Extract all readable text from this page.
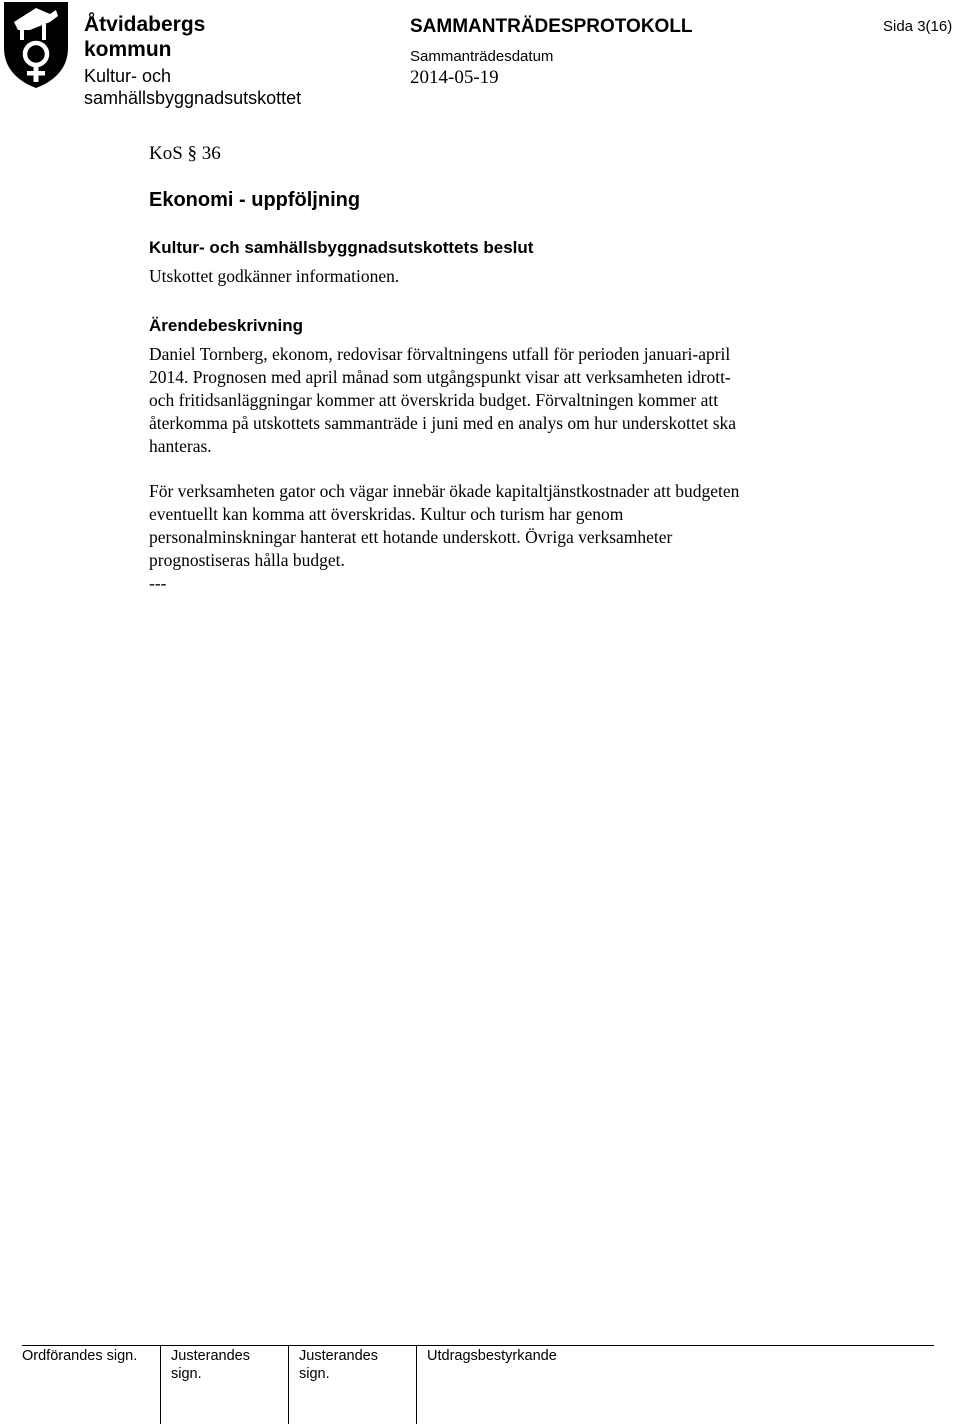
Åtvidabergs
kommun
Kultur- och
samhällsbyggnadsutskottet
SAMMANTRÄDESPROTOKOLL
Sammanträdesdatum
2014-05-19
Sida 3(16)
KoS § 36
Ekonomi - uppföljning
Kultur- och samhällsbyggnadsutskottets beslut
Utskottet godkänner informationen.
Ärendebeskrivning
Daniel Tornberg, ekonom, redovisar förvaltningens utfall för perioden januari-april
2014. Prognosen med april månad som utgångspunkt visar att verksamheten idrott-
och fritidsanläggningar kommer att överskrida budget. Förvaltningen kommer att
återkomma på utskottets sammanträde i juni med en analys om hur underskottet ska
hanteras.
För verksamheten gator och vägar innebär ökade kapitaltjänstkostnader att budgeten
eventuellt kan komma att överskridas. Kultur och turism har genom
personalminskningar hanterat ett hotande underskott. Övriga verksamheter
prognostiseras hålla budget.
---
Ordförandes sign. Justerandes
sign.
Justerandes
sign.
Utdragsbestyrkande
